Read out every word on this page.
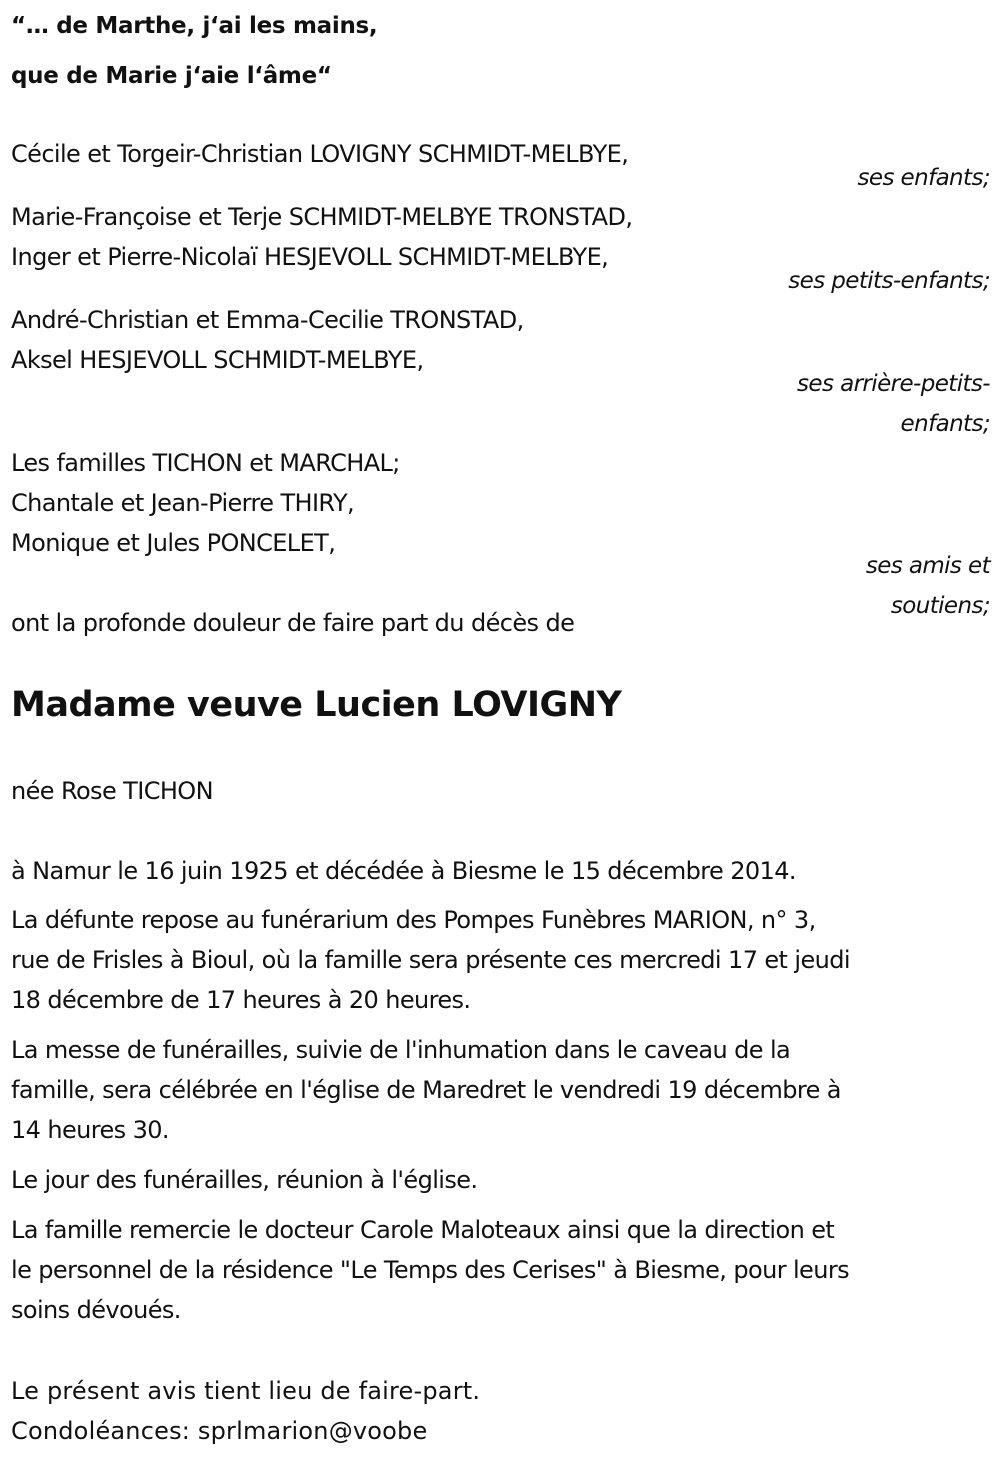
“… de Marthe, j‘ai les mains,
que de Marie j‘aie l‘âme“
Cécile et Torgeir-Christian LOVIGNY SCHMIDT-MELBYE,
ses enfants;
Marie-Françoise et Terje SCHMIDT-MELBYE TRONSTAD,
Inger et Pierre-Nicolaï HESJEVOLL SCHMIDT-MELBYE,
ses petits-enfants;
André-Christian et Emma-Cecilie TRONSTAD,
Aksel HESJEVOLL SCHMIDT-MELBYE,
ses arrière-petits-
enfants;
Les familles TICHON et MARCHAL;
Chantale et Jean-Pierre THIRY,
Monique et Jules PONCELET,
ses amis et
soutiens;
ont la profonde douleur de faire part du décès de
Madame veuve Lucien LOVIGNY
née Rose TICHON
à Namur le 16 juin 1925 et décédée à Biesme le 15 décembre 2014.
La défunte repose au funérarium des Pompes Funèbres MARION, n° 3,
rue de Frisles à Bioul, où la famille sera présente ces mercredi 17 et jeudi
18 décembre de 17 heures à 20 heures.
La messe de funérailles, suivie de l'inhumation dans le caveau de la
famille, sera célébrée en l'église de Maredret le vendredi 19 décembre à
14 heures 30.
Le jour des funérailles, réunion à l'église.
La famille remercie le docteur Carole Maloteaux ainsi que la direction et
le personnel de la résidence "Le Temps des Cerises" à Biesme, pour leurs
soins dévoués.
Le présent avis tient lieu de faire-part.
Condoléances: sprlmarion@voobe
